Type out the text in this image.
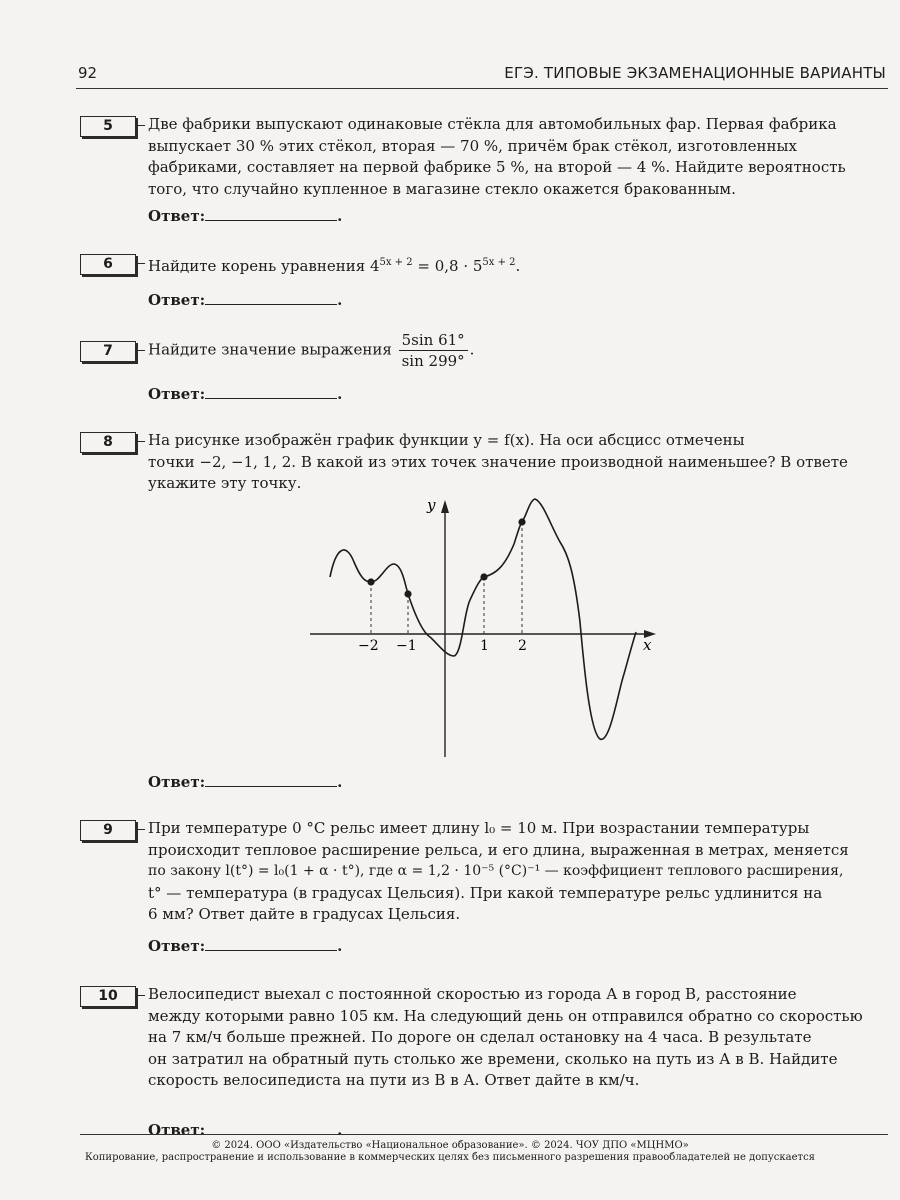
92	ЕГЭ. ТИПОВЫЕ ЭКЗАМЕНАЦИОННЫЕ ВАРИАНТЫ
5	Две фабрики выпускают одинаковые стёкла для автомобильных фар. Первая фабрика
выпускает 30 % этих стёкол, вторая — 70 %, причём брак стёкол, изготовленных
фабриками, составляет на первой фабрике 5 %, на второй — 4 %. Найдите вероятность
того, что случайно купленное в магазине стекло окажется бракованным.
Ответ:	.
6	Найдите корень уравнения $4^{5x + 2} = 0,8 \cdot 5^{5x + 2}$.
Ответ:	.
7	Найдите значение выражения $\frac{5\sin 61^\circ}{\sin 299^\circ}$ .
Ответ:	.
8	На рисунке изображён график функции y = f(x). На оси абсцисс отмечены
точки −2, −1, 1, 2. В какой из этих точек значение производной наименьшее? В ответе
укажите эту точку.
Ответ:	.
y
x
−2 −1	1 2
9	При температуре 0 °C рельс имеет длину l₀ = 10 м. При возрастании температуры
происходит тепловое расширение рельса, и его длина, выраженная в метрах, меняется
по закону l(t°) = l₀(1 + α · t°), где α = 1,2 · 10⁻⁵ (°C)⁻¹ — коэффициент теплового расширения,
t° — температура (в градусах Цельсия). При какой температуре рельс удлинится на
6 мм? Ответ дайте в градусах Цельсия.
Ответ:	.
10	Велосипедист выехал с постоянной скоростью из города А в город В, расстояние
между которыми равно 105 км. На следующий день он отправился обратно со скоростью
на 7 км/ч больше прежней. По дороге он сделал остановку на 4 часа. В результате
он затратил на обратный путь столько же времени, сколько на путь из А в В. Найдите
скорость велосипедиста на пути из В в А. Ответ дайте в км/ч.
Ответ:	.
© 2024. ООО «Издательство «Национальное образование». © 2024. ЧОУ ДПО «МЦНМО»
Копирование, распространение и использование в коммерческих целях без письменного разрешения правообладателей не допускается
